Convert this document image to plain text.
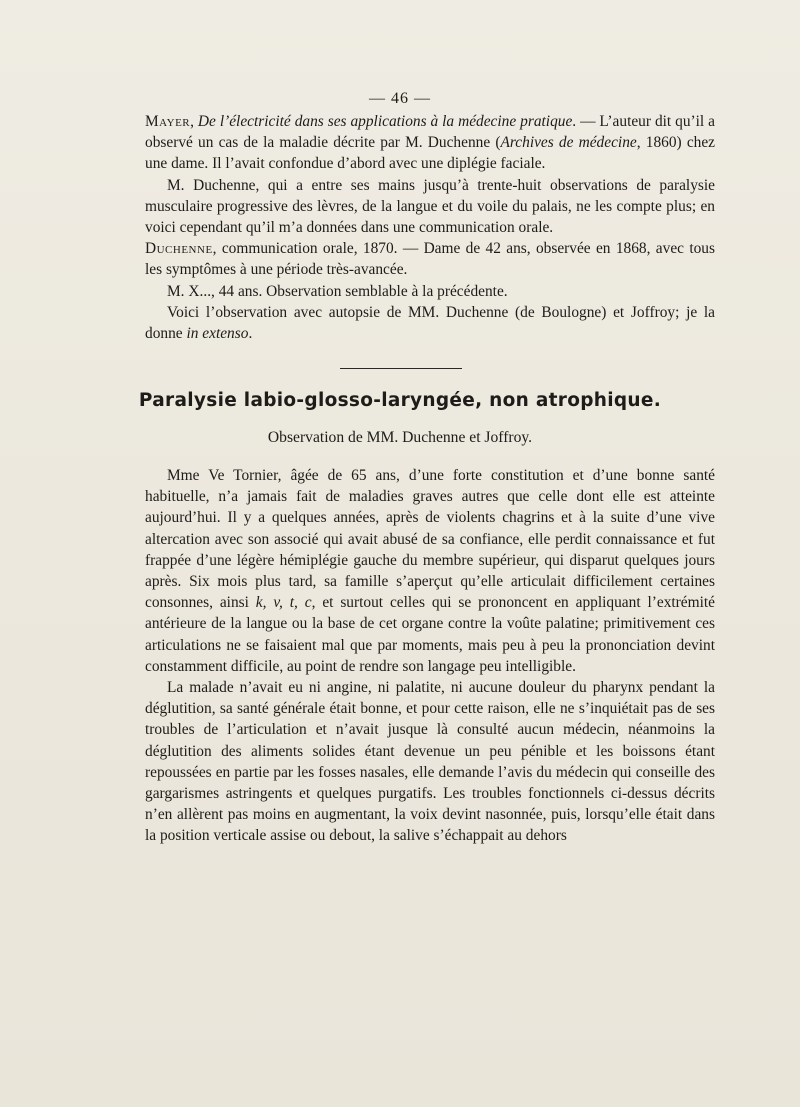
— 46 —

Mayer, De l’électricité dans ses applications à la médecine pratique. — L’auteur dit qu’il a observé un cas de la maladie décrite par M. Duchenne (Archives de médecine, 1860) chez une dame. Il l’avait confondue d’abord avec une diplégie faciale.

M. Duchenne, qui a entre ses mains jusqu’à trente-huit observations de paralysie musculaire progressive des lèvres, de la langue et du voile du palais, ne les compte plus; en voici cependant qu’il m’a données dans une communication orale.

Duchenne, communication orale, 1870. — Dame de 42 ans, observée en 1868, avec tous les symptômes à une période très-avancée.

M. X..., 44 ans. Observation semblable à la précédente.

Voici l’observation avec autopsie de MM. Duchenne (de Boulogne) et Joffroy; je la donne in extenso.

Paralysie labio-glosso-laryngée, non atrophique.
Observation de MM. Duchenne et Joffroy.

Mme Ve Tornier, âgée de 65 ans, d’une forte constitution et d’une bonne santé habituelle, n’a jamais fait de maladies graves autres que celle dont elle est atteinte aujourd’hui. Il y a quelques années, après de violents chagrins et à la suite d’une vive altercation avec son associé qui avait abusé de sa confiance, elle perdit connaissance et fut frappée d’une légère hémiplégie gauche du membre supérieur, qui disparut quelques jours après. Six mois plus tard, sa famille s’aperçut qu’elle articulait difficilement certaines consonnes, ainsi k, v, t, c, et surtout celles qui se prononcent en appliquant l’extrémité antérieure de la langue ou la base de cet organe contre la voûte palatine; primitivement ces articulations ne se faisaient mal que par moments, mais peu à peu la prononciation devint constamment difficile, au point de rendre son langage peu intelligible.

La malade n’avait eu ni angine, ni palatite, ni aucune douleur du pharynx pendant la déglutition, sa santé générale était bonne, et pour cette raison, elle ne s’inquiétait pas de ses troubles de l’articulation et n’avait jusque là consulté aucun médecin, néanmoins la déglutition des aliments solides étant devenue un peu pénible et les boissons étant repoussées en partie par les fosses nasales, elle demande l’avis du médecin qui conseille des gargarismes astringents et quelques purgatifs. Les troubles fonctionnels ci-dessus décrits n’en allèrent pas moins en augmentant, la voix devint nasonnée, puis, lorsqu’elle était dans la position verticale assise ou debout, la salive s’échappait au dehors
